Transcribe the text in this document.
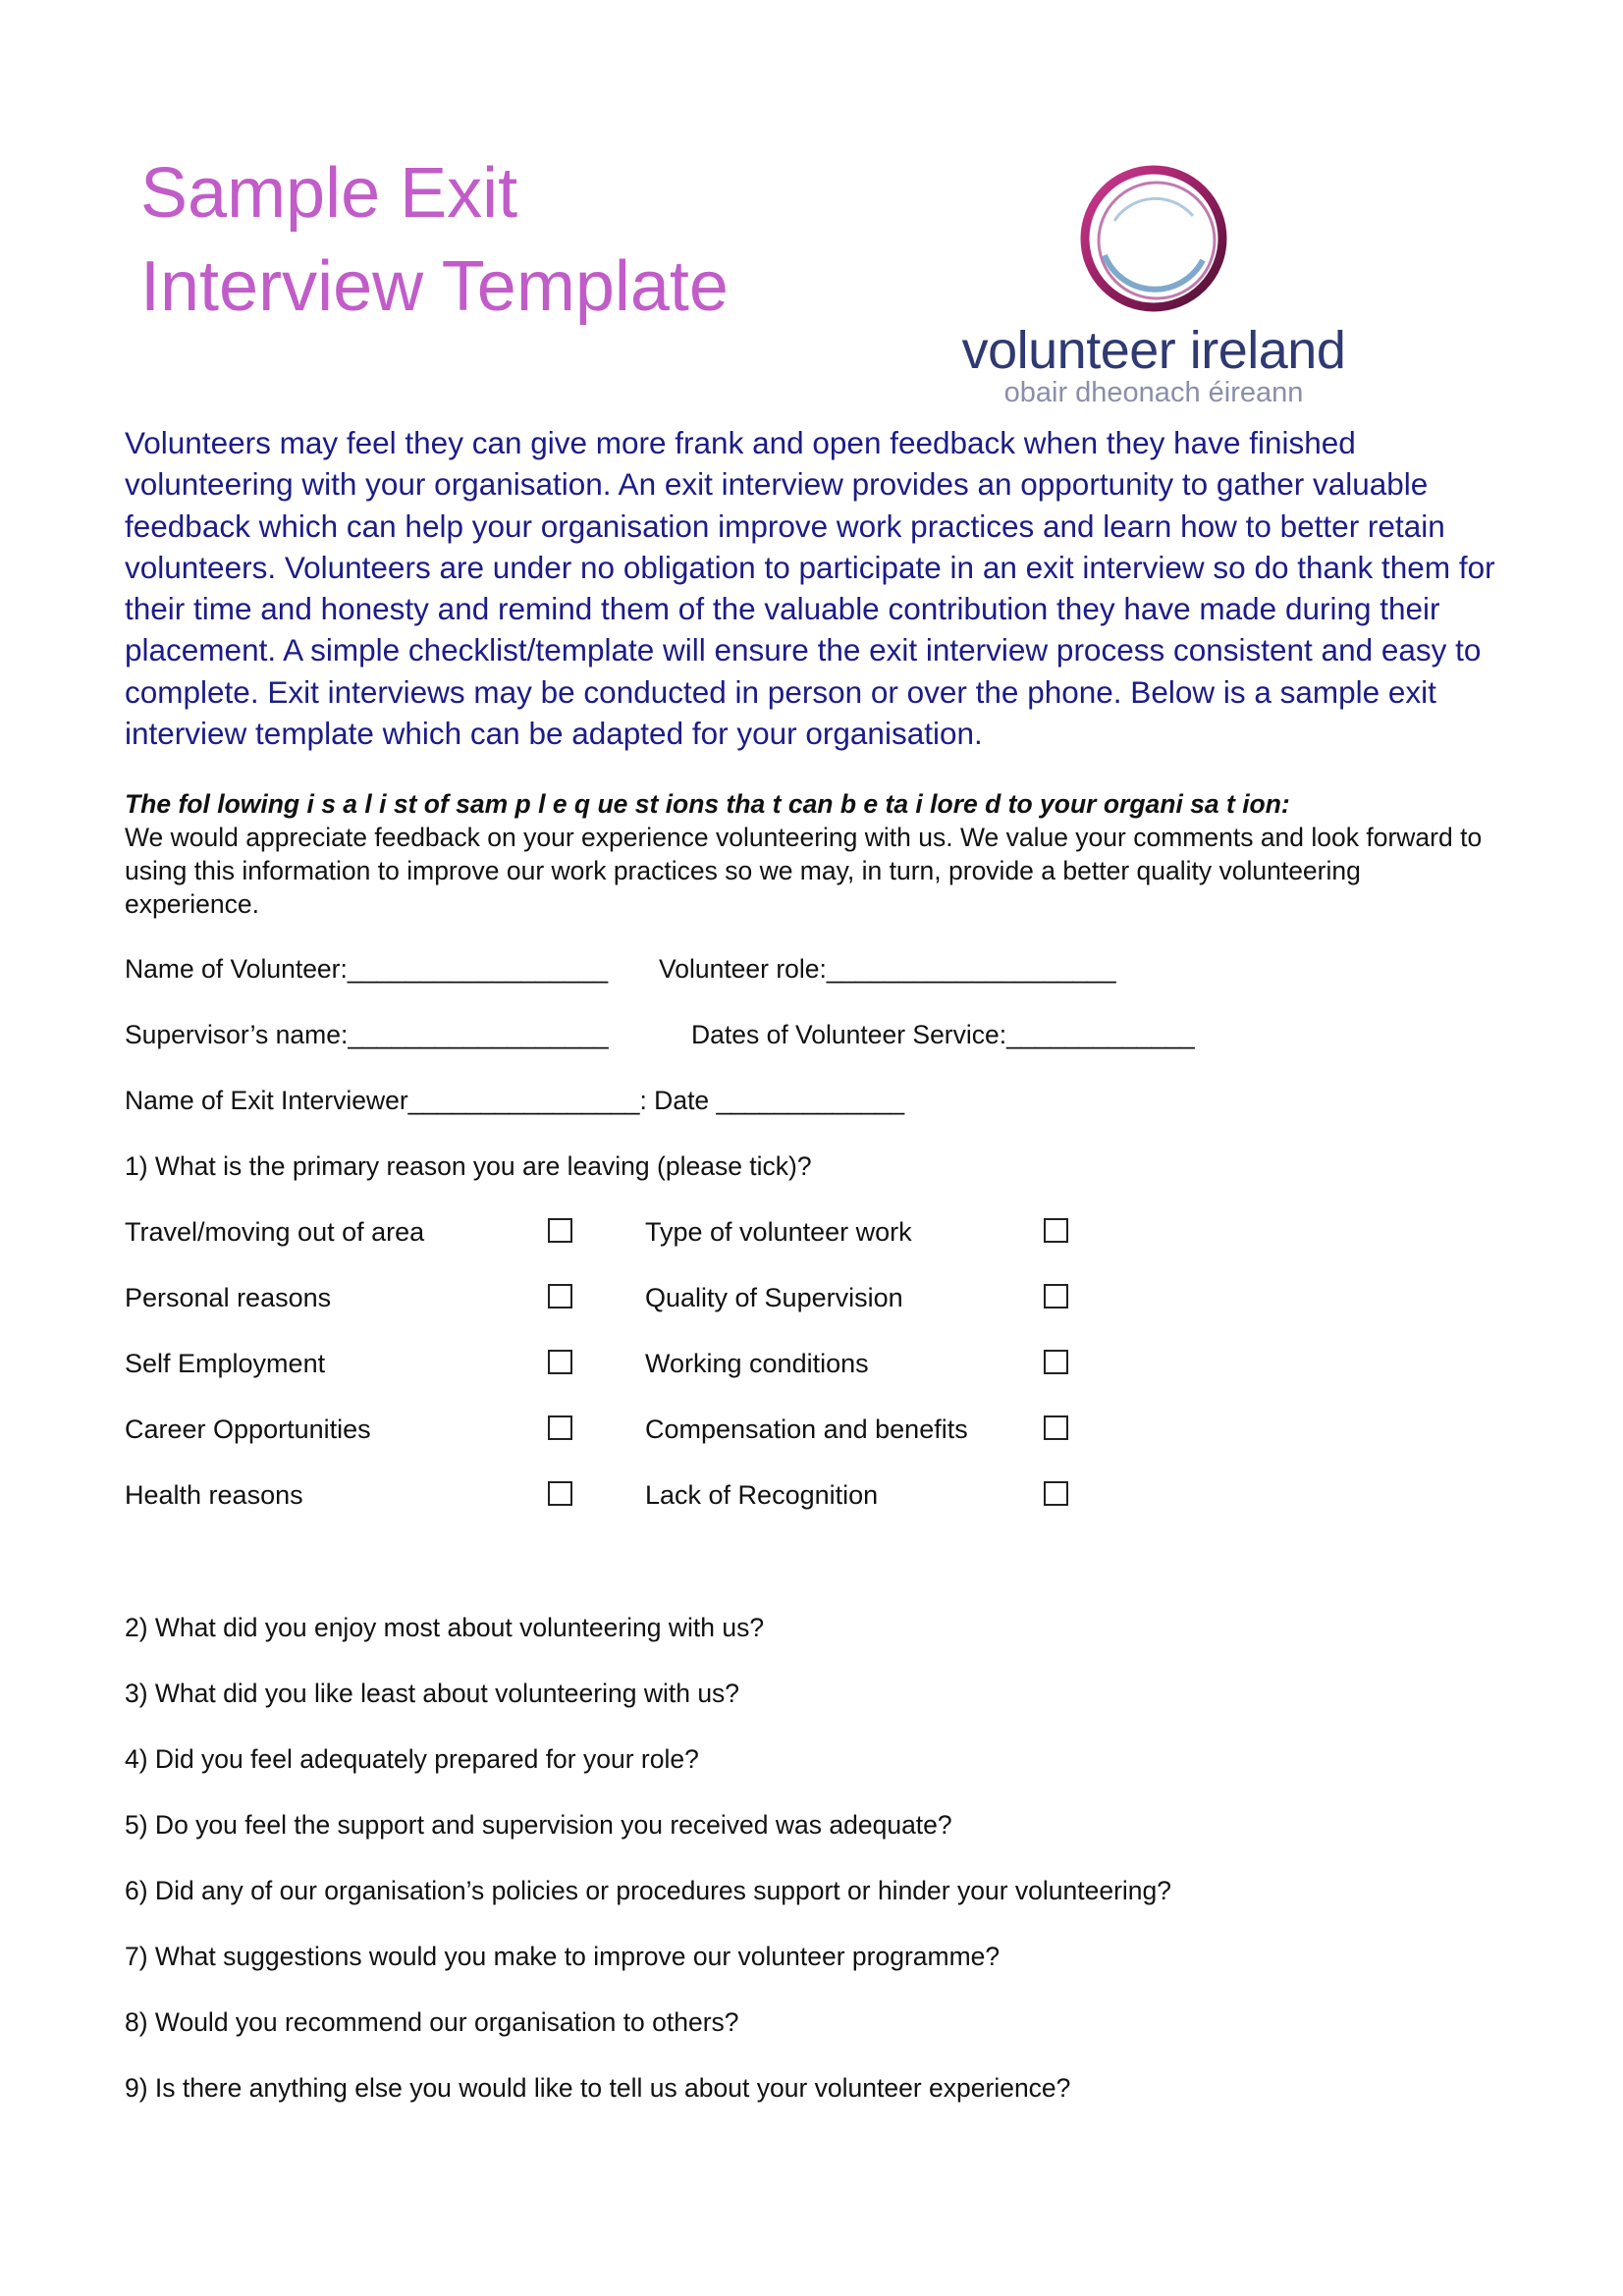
Sample Exit
Interview Template
volunteer ireland
obair dheonach éireann

Volunteers may feel they can give more frank and open feedback when they have finished volunteering with your organisation. An exit interview provides an opportunity to gather valuable feedback which can help your organisation improve work practices and learn how to better retain volunteers. Volunteers are under no obligation to participate in an exit interview so do thank them for their time and honesty and remind them of the valuable contribution they have made during their placement. A simple checklist/template will ensure the exit interview process consistent and easy to complete. Exit interviews may be conducted in person or over the phone. Below is a sample exit interview template which can be adapted for your organisation.

The fol lowing i s a l i st of sam p l e q ue st ions tha t can b e ta i lore d to your organi sa t ion:
We would appreciate feedback on your experience volunteering with us. We value your comments and look forward to using this information to improve our work practices so we may, in turn, provide a better quality volunteering experience.
Name of Volunteer:__________________ Volunteer role:____________________
Supervisor’s name:__________________	Dates of Volunteer Service:_____________
Name of Exit Interviewer________________: Date _____________
1) What is the primary reason you are leaving (please tick)?
Travel/moving out of area	Type of volunteer work
Personal reasons	Quality of Supervision
Self Employment	Working conditions
Career Opportunities	Compensation and benefits
Health reasons	Lack of Recognition
2) What did you enjoy most about volunteering with us?
3) What did you like least about volunteering with us?
4) Did you feel adequately prepared for your role?
5) Do you feel the support and supervision you received was adequate?
6) Did any of our organisation’s policies or procedures support or hinder your volunteering?
7) What suggestions would you make to improve our volunteer programme?
8) Would you recommend our organisation to others?
9) Is there anything else you would like to tell us about your volunteer experience?
